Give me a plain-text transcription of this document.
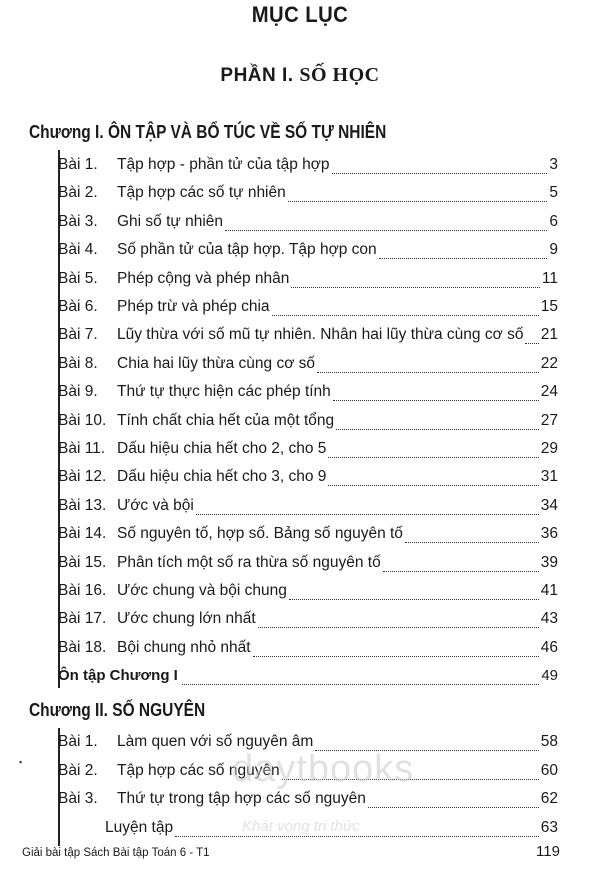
MỤC LỤC
PHẦN I. SỐ HỌC
Chương I. ÔN TẬP VÀ BỔ TÚC VỀ SỐ TỰ NHIÊN
Bài 1.	Tập hợp - phần tử của tập hợp	3
Bài 2.	Tập hợp các số tự nhiên	5
Bài 3.	Ghi số tự nhiên	6
Bài 4.	Số phần tử của tập hợp. Tập hợp con	9
Bài 5.	Phép cộng và phép nhân	11
Bài 6.	Phép trừ và phép chia	15
Bài 7.	Lũy thừa với số mũ tự nhiên. Nhân hai lũy thừa cùng cơ số 21
Bài 8.	Chia hai lũy thừa cùng cơ số	22
Bài 9.	Thứ tự thực hiện các phép tính	24
Bài 10. Tính chất chia hết của một tổng	27
Bài 11. Dấu hiệu chia hết cho 2, cho 5	29
Bài 12. Dấu hiệu chia hết cho 3, cho 9	31
Bài 13. Ước và bội	34
Bài 14. Số nguyên tố, hợp số. Bảng số nguyên tố	36
Bài 15. Phân tích một số ra thừa số nguyên tố	39
Bài 16. Ước chung và bội chung	41
Bài 17. Ước chung lớn nhất	43
Bài 18. Bội chung nhỏ nhất	46
Ôn tập Chương I	49
Chương II. SỐ NGUYÊN
Bài 1.	Làm quen với số nguyên âm	58
Bài 2.	Tập hợp các số nguyên	60
Bài 3.	Thứ tự trong tập hợp các số nguyên	62
Luyện tập	63
daytbooks
Khát vọng tri thức
▪
Giải bài tập Sách Bài tập Toán 6 - T1	119
